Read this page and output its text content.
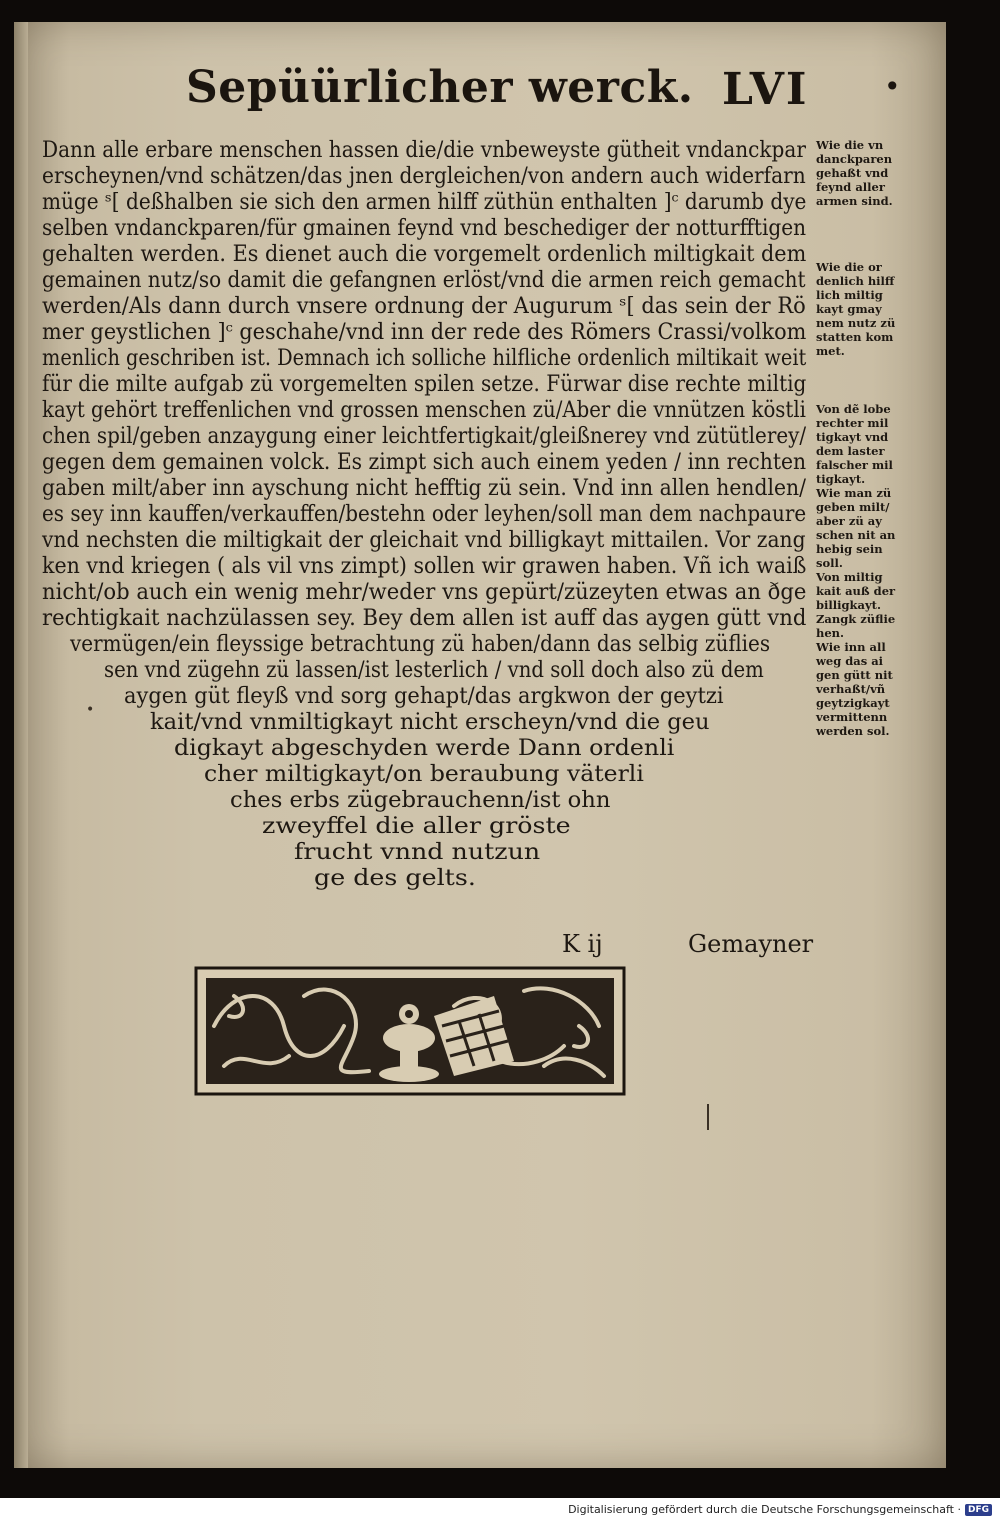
Sepüürlicher werck. LVI	•
Dann alle erbare menschen hassen die/die vnbeweyste gütheit vndanckpar
erscheynen/vnd schätzen/das jnen dergleichen/von andern auch widerfarn
müge ˢ[ deßhalben sie sich den armen hilff züthün enthalten ]ᶜ darumb dye
selben vndanckparen/für gmainen feynd vnd beschediger der notturfftigen
gehalten werden. Es dienet auch die vorgemelt ordenlich miltigkait dem
gemainen nutz/so damit die gefangnen erlöst/vnd die armen reich gemacht
werden/Als dann durch vnsere ordnung der Augurum ˢ[ das sein der Rö
mer geystlichen ]ᶜ geschahe/vnd inn der rede des Römers Crassi/volkom
menlich geschriben ist. Demnach ich solliche hilfliche ordenlich miltikait weit
für die milte aufgab zü vorgemelten spilen setze. Fürwar dise rechte miltig
kayt gehört treffenlichen vnd grossen menschen zü/Aber die vnnützen köstli
chen spil/geben anzaygung einer leichtfertigkait/gleißnerey vnd zütütlerey/
gegen dem gemainen volck. Es zimpt sich auch einem yeden / inn rechten
gaben milt/aber inn ayschung nicht hefftig zü sein. Vnd inn allen hendlen/
es sey inn kauffen/verkauffen/bestehn oder leyhen/soll man dem nachpaure
vnd nechsten die miltigkait der gleichait vnd billigkayt mittailen. Vor zang
ken vnd kriegen ( als vil vns zimpt) sollen wir grawen haben. Vñ ich waiß
nicht/ob auch ein wenig mehr/weder vns gepürt/züzeyten etwas an ðge
rechtigkait nachzülassen sey. Bey dem allen ist auff das aygen gütt vnd
vermügen/ein fleyssige betrachtung zü haben/dann das selbig züflies
sen vnd zügehn zü lassen/ist lesterlich / vnd soll doch also zü dem
aygen güt fleyß vnd sorg gehapt/das argkwon der geytzi
kait/vnd vnmiltigkayt nicht erscheyn/vnd die geu
digkayt abgeschyden werde Dann ordenli
cher miltigkayt/on beraubung väterli
ches erbs zügebrauchenn/ist ohn
zweyffel die aller gröste
frucht vnnd nutzun
ge des gelts.
Wie die vn
danckparen
gehaßt vnd
feynd aller
armen sind.
Wie die or
denlich hilff
lich miltig
kayt gmay
nem nutz zü
statten kom
met.
Von dẽ lobe
rechter mil
tigkayt vnd
dem laster
falscher mil
tigkayt.
Wie man zü
geben milt/
aber zü ay
schen nit an
hebig sein
soll.
Von miltig
kait auß der
billigkayt.
Zangk züflie
hen.
Wie inn all
weg das ai
gen gütt nit
verhaßt/vñ
geytzigkayt
vermittenn
werden sol.
•
K ij	Gemayner
Digitalisierung gefördert durch die Deutsche Forschungsgemeinschaft · DFG
